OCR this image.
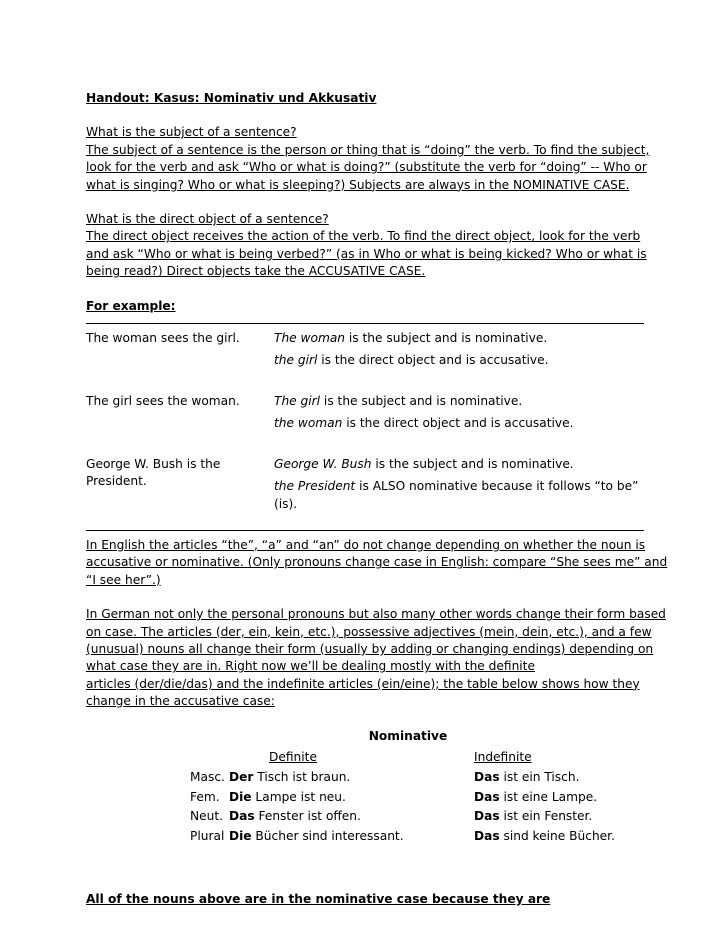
Handout: Kasus: Nominativ und Akkusativ
What is the subject of a sentence?
The subject of a sentence is the person or thing that is “doing” the verb. To find the subject,
look for the verb and ask “Who or what is doing?” (substitute the verb for “doing” -- Who or
what is singing? Who or what is sleeping?) Subjects are always in the NOMINATIVE CASE.
What is the direct object of a sentence?
The direct object receives the action of the verb. To find the direct object, look for the verb
and ask “Who or what is being verbed?” (as in Who or what is being kicked? Who or what is
being read?) Direct objects take the ACCUSATIVE CASE.
For example:
The woman sees the girl.	The woman is the subject and is nominative.
the girl is the direct object and is accusative.

The girl sees the woman.	The girl is the subject and is nominative.
the woman is the direct object and is accusative.

George W. Bush is the
President.	George W. Bush is the subject and is nominative.
the President is ALSO nominative because it follows “to be”
(is).
In English the articles “the”, “a” and “an” do not change depending on whether the noun is
accusative or nominative. (Only pronouns change case in English: compare “She sees me” and
“I see her”.)
In German not only the personal pronouns but also many other words change their form based
on case. The articles (der, ein, kein, etc.), possessive adjectives (mein, dein, etc.), and a few
(unusual) nouns all change their form (usually by adding or changing endings) depending on
what case they are in. Right now we’ll be dealing mostly with the definite
articles (der/die/das) and the indefinite articles (ein/eine); the table below shows how they
change in the accusative case:
Nominative
	Definite	Indefinite
Masc.	Der Tisch ist braun.	Das ist ein Tisch.
Fem.	Die Lampe ist neu.	Das ist eine Lampe.
Neut.	Das Fenster ist offen.	Das ist ein Fenster.
Plural	Die Bücher sind interessant.	Das sind keine Bücher.
All of the nouns above are in the nominative case because they are
